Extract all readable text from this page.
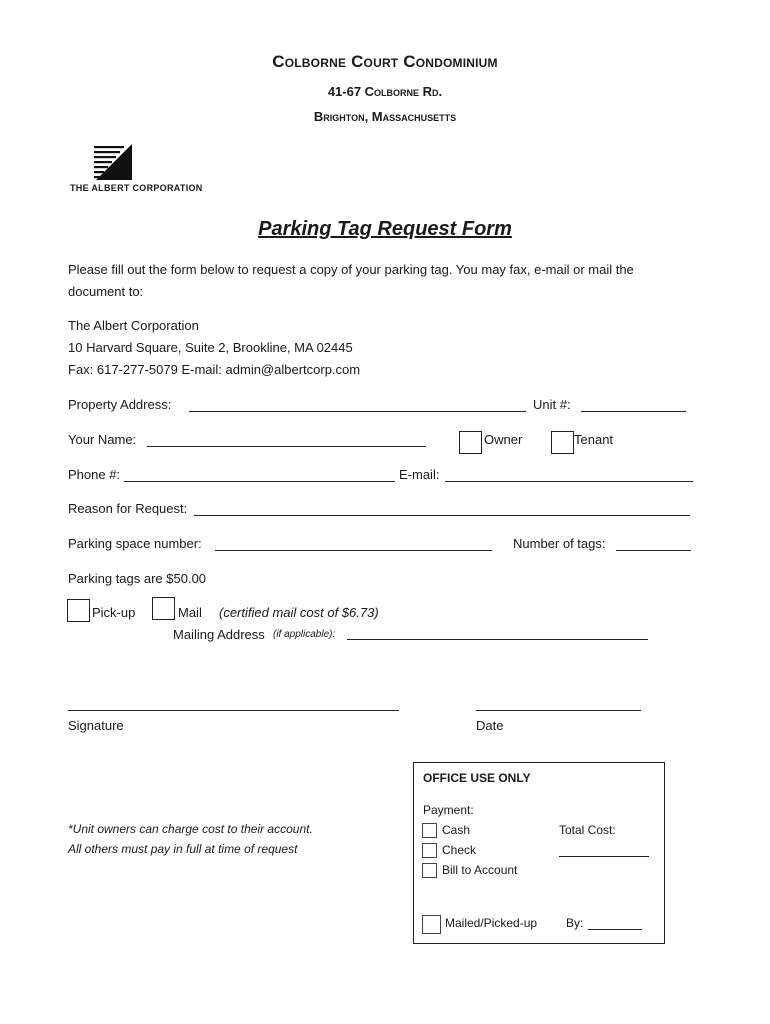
Colborne Court Condominium
41-67 Colborne Rd.
Brighton, Massachusetts
THE ALBERT CORPORATION
Parking Tag Request Form
Please fill out the form below to request a copy of your parking tag. You may fax, e-mail or mail the
document to:
The Albert Corporation
10 Harvard Square, Suite 2, Brookline, MA 02445
Fax: 617-277-5079 E-mail: admin@albertcorp.com
Property Address:	Unit #:
Your Name:	Owner	Tenant
Phone #:	E-mail:
Reason for Request:
Parking space number:	Number of tags:
Parking tags are $50.00
Pick-up	Mail (certified mail cost of $6.73)
Mailing Address (if applicable):
Signature	Date
*Unit owners can charge cost to their account.
All others must pay in full at time of request
OFFICE USE ONLY
Payment:
Cash
Check
Bill to Account
Total Cost:
Mailed/Picked-up By:
